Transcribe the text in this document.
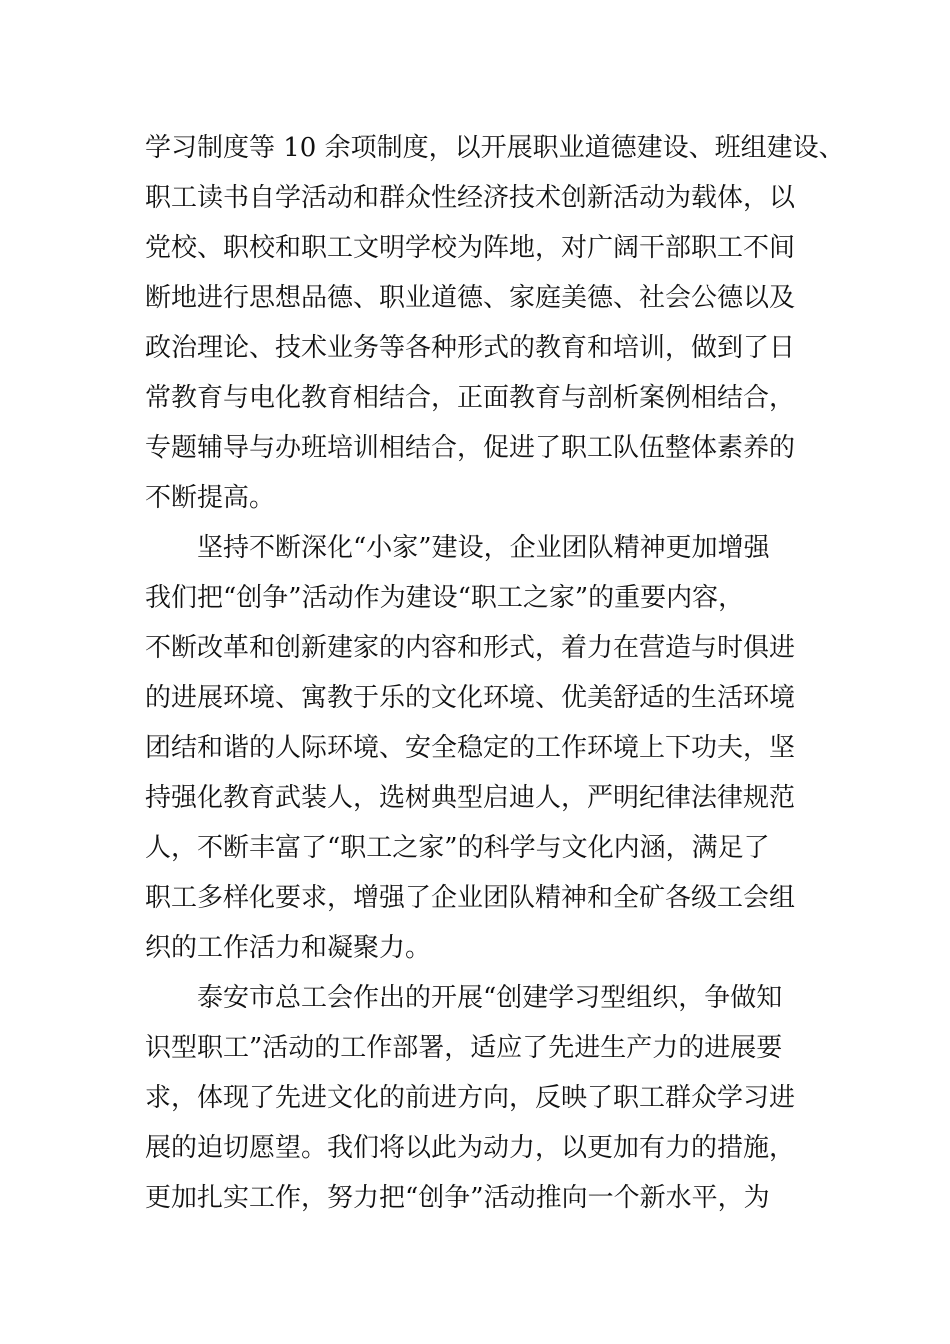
学习制度等 10 余项制度，以开展职业道德建设、班组建设、
职工读书自学活动和群众性经济技术创新活动为载体，以
党校、职校和职工文明学校为阵地，对广阔干部职工不间
断地进行思想品德、职业道德、家庭美德、社会公德以及
政治理论、技术业务等各种形式的教育和培训，做到了日
常教育与电化教育相结合，正面教育与剖析案例相结合，
专题辅导与办班培训相结合，促进了职工队伍整体素养的
不断提高。
坚持不断深化“小家”建设，企业团队精神更加增强
我们把“创争”活动作为建设“职工之家”的重要内容，
不断改革和创新建家的内容和形式，着力在营造与时俱进
的进展环境、寓教于乐的文化环境、优美舒适的生活环境
团结和谐的人际环境、安全稳定的工作环境上下功夫，坚
持强化教育武装人，选树典型启迪人，严明纪律法律规范
人，不断丰富了“职工之家”的科学与文化内涵，满足了
职工多样化要求，增强了企业团队精神和全矿各级工会组
织的工作活力和凝聚力。
泰安市总工会作出的开展“创建学习型组织，争做知
识型职工”活动的工作部署，适应了先进生产力的进展要
求，体现了先进文化的前进方向，反映了职工群众学习进
展的迫切愿望。我们将以此为动力，以更加有力的措施，
更加扎实工作，努力把“创争”活动推向一个新水平，为
